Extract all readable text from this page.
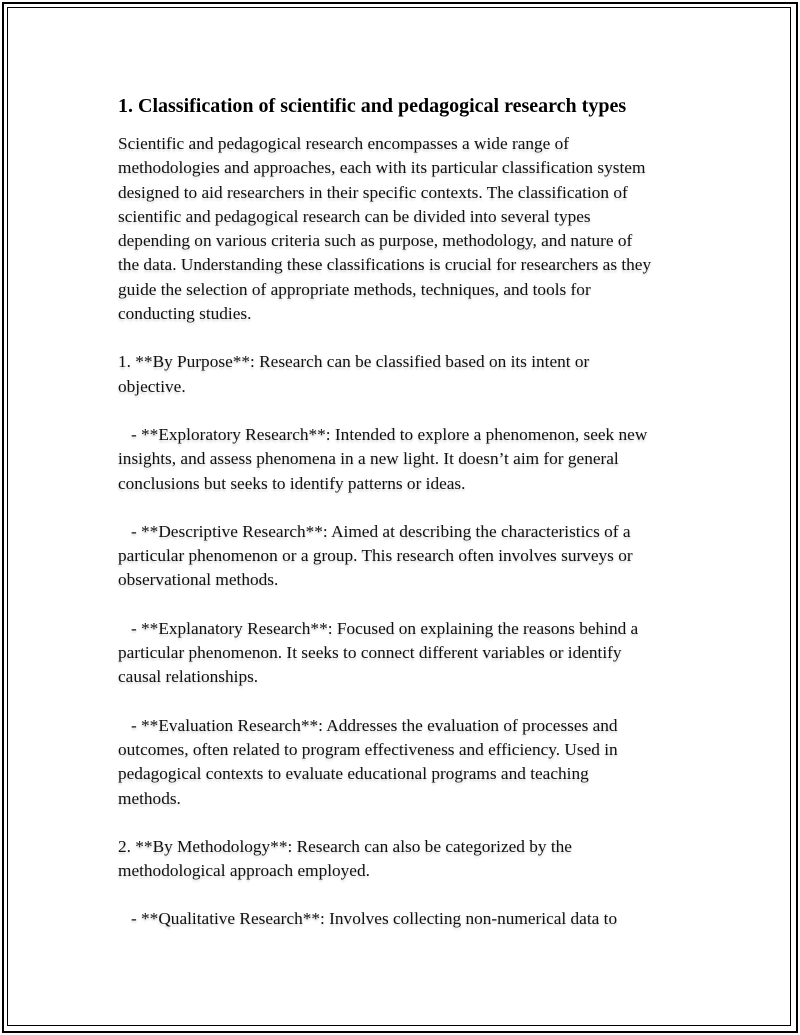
1. Classification of scientific and pedagogical research types

Scientific and pedagogical research encompasses a wide range of
methodologies and approaches, each with its particular classification system
designed to aid researchers in their specific contexts. The classification of
scientific and pedagogical research can be divided into several types
depending on various criteria such as purpose, methodology, and nature of
the data. Understanding these classifications is crucial for researchers as they
guide the selection of appropriate methods, techniques, and tools for
conducting studies.

1. **By Purpose**: Research can be classified based on its intent or
objective.

- **Exploratory Research**: Intended to explore a phenomenon, seek new
insights, and assess phenomena in a new light. It doesn’t aim for general
conclusions but seeks to identify patterns or ideas.

- **Descriptive Research**: Aimed at describing the characteristics of a
particular phenomenon or a group. This research often involves surveys or
observational methods.

- **Explanatory Research**: Focused on explaining the reasons behind a
particular phenomenon. It seeks to connect different variables or identify
causal relationships.

- **Evaluation Research**: Addresses the evaluation of processes and
outcomes, often related to program effectiveness and efficiency. Used in
pedagogical contexts to evaluate educational programs and teaching
methods.

2. **By Methodology**: Research can also be categorized by the
methodological approach employed.

- **Qualitative Research**: Involves collecting non-numerical data to
